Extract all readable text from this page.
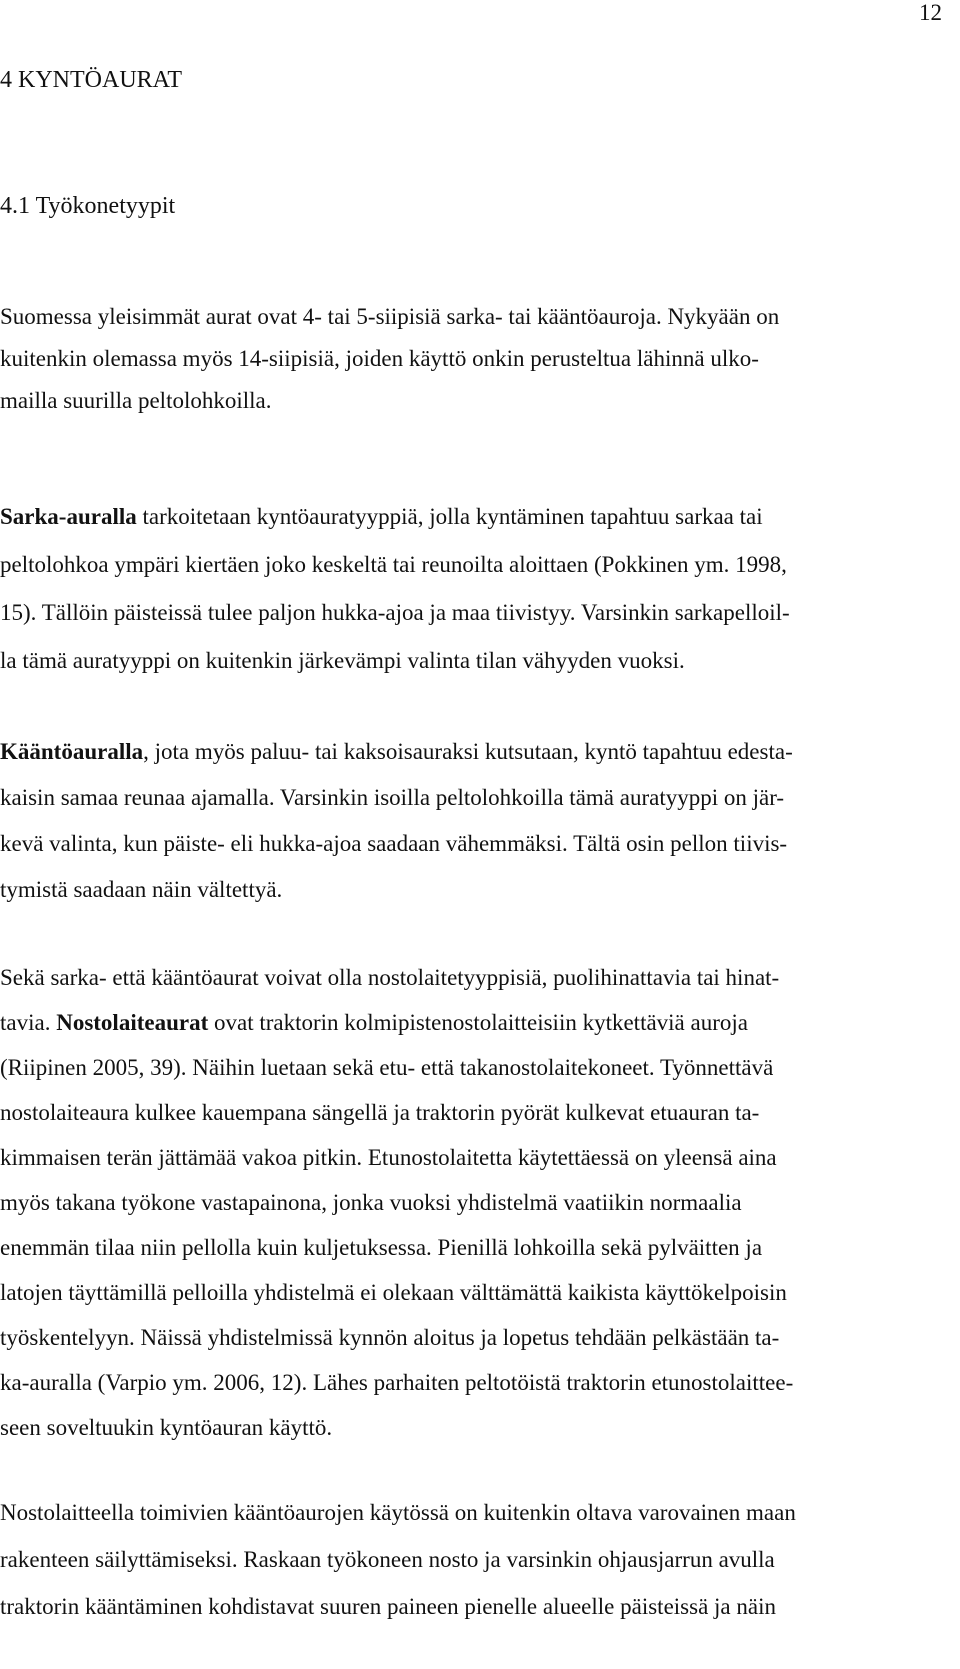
12
4 KYNTÖAURAT
4.1 Työkonetyypit
Suomessa yleisimmät aurat ovat 4- tai 5-siipisiä sarka- tai kääntöauroja. Nykyään on
kuitenkin olemassa myös 14-siipisiä, joiden käyttö onkin perusteltua lähinnä ulko-
mailla suurilla peltolohkoilla.
Sarka-auralla tarkoitetaan kyntöauratyyppiä, jolla kyntäminen tapahtuu sarkaa tai
peltolohkoa ympäri kiertäen joko keskeltä tai reunoilta aloittaen (Pokkinen ym. 1998,
15). Tällöin päisteissä tulee paljon hukka-ajoa ja maa tiivistyy. Varsinkin sarkapelloil-
la tämä auratyyppi on kuitenkin järkevämpi valinta tilan vähyyden vuoksi.
Kääntöauralla, jota myös paluu- tai kaksoisauraksi kutsutaan, kyntö tapahtuu edesta-
kaisin samaa reunaa ajamalla. Varsinkin isoilla peltolohkoilla tämä auratyyppi on jär-
kevä valinta, kun päiste- eli hukka-ajoa saadaan vähemmäksi. Tältä osin pellon tiivis-
tymistä saadaan näin vältettyä.
Sekä sarka- että kääntöaurat voivat olla nostolaitetyyppisiä, puolihinattavia tai hinat-
tavia. Nostolaiteaurat ovat traktorin kolmipistenostolaitteisiin kytkettäviä auroja
(Riipinen 2005, 39). Näihin luetaan sekä etu- että takanostolaitekoneet. Työnnettävä
nostolaiteaura kulkee kauempana sängellä ja traktorin pyörät kulkevat etuauran ta-
kimmaisen terän jättämää vakoa pitkin. Etunostolaitetta käytettäessä on yleensä aina
myös takana työkone vastapainona, jonka vuoksi yhdistelmä vaatiikin normaalia
enemmän tilaa niin pellolla kuin kuljetuksessa. Pienillä lohkoilla sekä pylväitten ja
latojen täyttämillä pelloilla yhdistelmä ei olekaan välttämättä kaikista käyttökelpoisin
työskentelyyn. Näissä yhdistelmissä kynnön aloitus ja lopetus tehdään pelkästään ta-
ka-auralla (Varpio ym. 2006, 12). Lähes parhaiten peltotöistä traktorin etunostolaittee-
seen soveltuukin kyntöauran käyttö.
Nostolaitteella toimivien kääntöaurojen käytössä on kuitenkin oltava varovainen maan
rakenteen säilyttämiseksi. Raskaan työkoneen nosto ja varsinkin ohjausjarrun avulla
traktorin kääntäminen kohdistavat suuren paineen pienelle alueelle päisteissä ja näin
